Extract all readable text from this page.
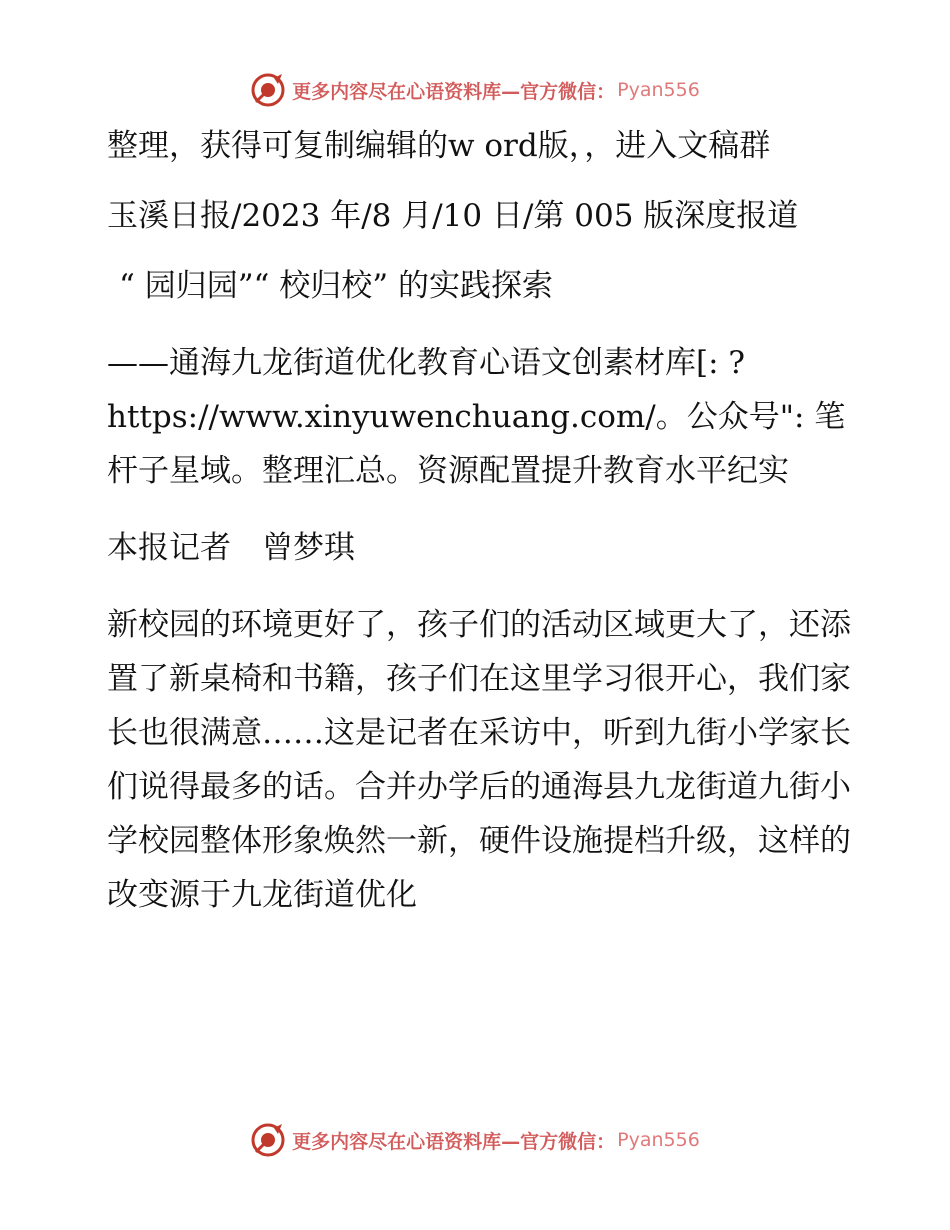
更多内容尽在心语资料库—官方微信： Pyan556

整理，获得可复制编辑的w ord版，，进入文稿群

玉溪日报/2023 年/8 月/10 日/第 005 版深度报道

“ 园归园”“ 校归校” 的实践探索

——通海九龙街道优化教育心语文创素材库[: ? https://www.xinyuwenchuang.com/。公众号": 笔杆子星域。整理汇总。资源配置提升教育水平纪实

本报记者　曾梦琪

新校园的环境更好了，孩子们的活动区域更大了，还添置了新桌椅和书籍，孩子们在这里学习很开心，我们家长也很满意……这是记者在采访中，听到九街小学家长们说得最多的话。合并办学后的通海县九龙街道九街小学校园整体形象焕然一新，硬件设施提档升级，这样的改变源于九龙街道优化

更多内容尽在心语资料库—官方微信： Pyan556
